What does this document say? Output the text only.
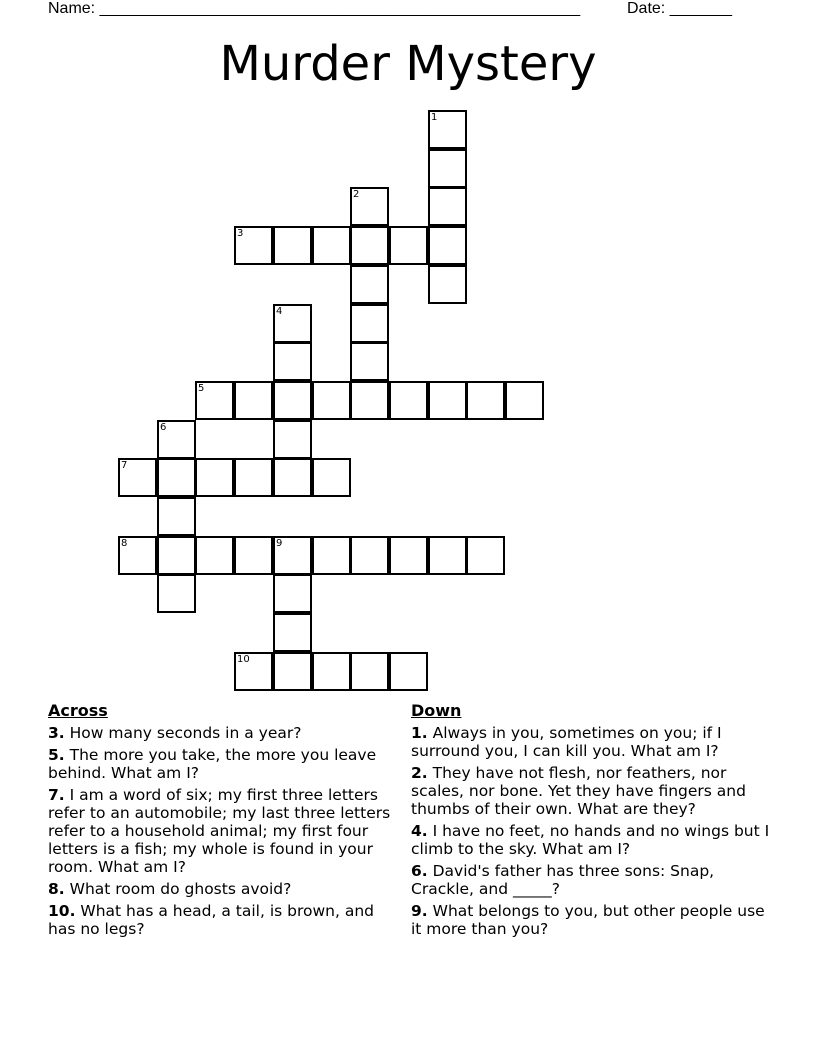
Name: ______________________________________________________	Date: _______
Murder Mystery
1
2
3
4
5
6
7
8	9
10
Across
3. How many seconds in a year?
5. The more you take, the more you leave behind. What am I?
7. I am a word of six; my first three letters refer to an automobile; my last three letters refer to a household animal; my first four letters is a fish; my whole is found in your room. What am I?
8. What room do ghosts avoid?
10. What has a head, a tail, is brown, and has no legs?
Down
1. Always in you, sometimes on you; if I surround you, I can kill you. What am I?
2. They have not flesh, nor feathers, nor scales, nor bone. Yet they have fingers and thumbs of their own. What are they?
4. I have no feet, no hands and no wings but I climb to the sky. What am I?
6. David's father has three sons: Snap, Crackle, and _____?
9. What belongs to you, but other people use it more than you?
